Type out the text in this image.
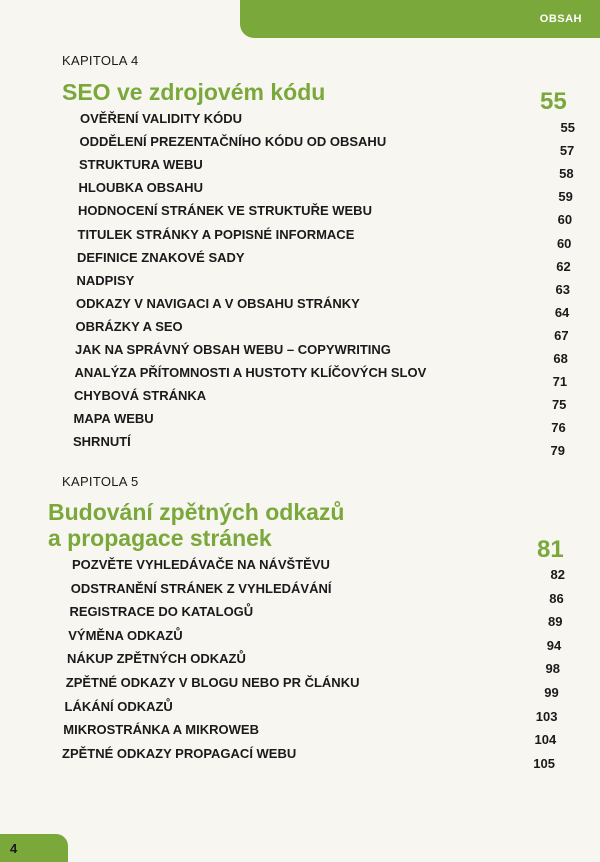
OBSAH
KAPITOLA 4
SEO ve zdrojovém kódu	55
OVĚŘENÍ VALIDITY KÓDU
55
ODDĚLENÍ PREZENTAČNÍHO KÓDU OD OBSAHU
57
STRUKTURA WEBU
58
HLOUBKA OBSAHU
59
HODNOCENÍ STRÁNEK VE STRUKTUŘE WEBU
60
TITULEK STRÁNKY A POPISNÉ INFORMACE
60
DEFINICE ZNAKOVÉ SADY
62
NADPISY
63
ODKAZY V NAVIGACI A V OBSAHU STRÁNKY
64
OBRÁZKY A SEO
67
JAK NA SPRÁVNÝ OBSAH WEBU – COPYWRITING
68
ANALÝZA PŘÍTOMNOSTI A HUSTOTY KLÍČOVÝCH SLOV
71
CHYBOVÁ STRÁNKA
75
MAPA WEBU
76
SHRNUTÍ
79
KAPITOLA 5
Budování zpětných odkazů
a propagace stránek	81
POZVĚTE VYHLEDÁVAČE NA NÁVŠTĚVU
82
ODSTRANĚNÍ STRÁNEK Z VYHLEDÁVÁNÍ
86
REGISTRACE DO KATALOGŮ
89
VÝMĚNA ODKAZŮ
94
NÁKUP ZPĚTNÝCH ODKAZŮ
98
ZPĚTNÉ ODKAZY V BLOGU NEBO PR ČLÁNKU
99
LÁKÁNÍ ODKAZŮ
103
MIKROSTRÁNKA A MIKROWEB
104
ZPĚTNÉ ODKAZY PROPAGACÍ WEBU
105
4
